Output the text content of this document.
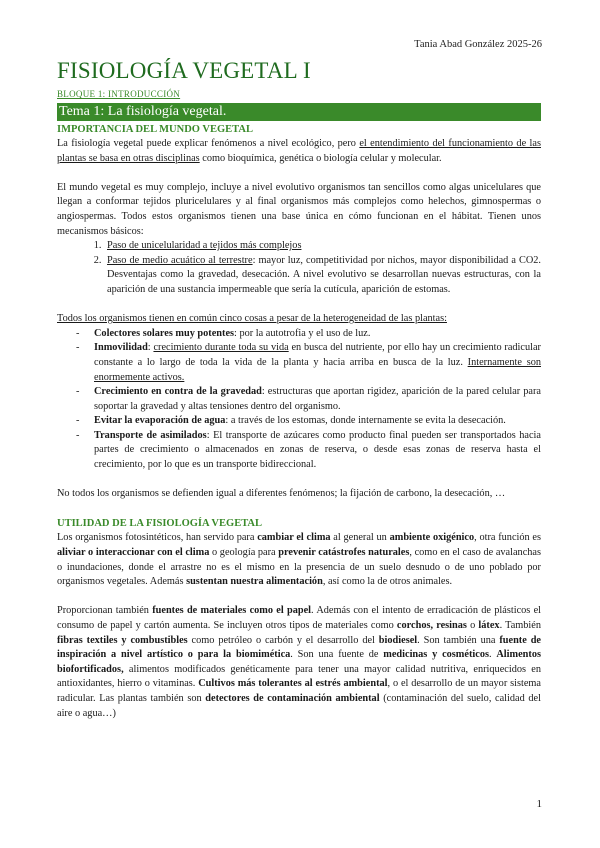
Tania Abad González 2025-26
FISIOLOGÍA VEGETAL I
BLOQUE 1: INTRODUCCIÓN
Tema 1: La fisiología vegetal.
IMPORTANCIA DEL MUNDO VEGETAL

La fisiología vegetal puede explicar fenómenos a nivel ecológico, pero el entendimiento del funcionamiento de las plantas se basa en otras disciplinas como bioquímica, genética o biología celular y molecular.

El mundo vegetal es muy complejo, incluye a nivel evolutivo organismos tan sencillos como algas unicelulares que llegan a conformar tejidos pluricelulares y al final organismos más complejos como helechos, gimnospermas o angiospermas. Todos estos organismos tienen una base única en cómo funcionan en el hábitat. Tienen unos mecanismos básicos:

1. Paso de unicelularidad a tejidos más complejos
2. Paso de medio acuático al terrestre: mayor luz, competitividad por nichos, mayor disponibilidad a CO2. Desventajas como la gravedad, desecación. A nivel evolutivo se desarrollan nuevas estructuras, con la aparición de una sustancia impermeable que sería la cutícula, aparición de estomas.

Todos los organismos tienen en común cinco cosas a pesar de la heterogeneidad de las plantas:

- Colectores solares muy potentes: por la autotrofia y el uso de luz.
- Inmovilidad: crecimiento durante toda su vida en busca del nutriente, por ello hay un crecimiento radicular constante a lo largo de toda la vida de la planta y hacia arriba en busca de la luz. Internamente son enormemente activos.
- Crecimiento en contra de la gravedad: estructuras que aportan rigidez, aparición de la pared celular para soportar la gravedad y altas tensiones dentro del organismo.
- Evitar la evaporación de agua: a través de los estomas, donde internamente se evita la desecación.
- Transporte de asimilados: El transporte de azúcares como producto final pueden ser transportados hacia partes de crecimiento o almacenados en zonas de reserva, o desde esas zonas de reserva hasta el crecimiento, por lo que es un transporte bidireccional.

No todos los organismos se defienden igual a diferentes fenómenos; la fijación de carbono, la desecación, …

UTILIDAD DE LA FISIOLOGÍA VEGETAL

Los organismos fotosintéticos, han servido para cambiar el clima al general un ambiente oxigénico, otra función es aliviar o interaccionar con el clima o geología para prevenir catástrofes naturales, como en el caso de avalanchas o inundaciones, donde el arrastre no es el mismo en la presencia de un suelo desnudo o de uno poblado por organismos vegetales. Además sustentan nuestra alimentación, así como la de otros animales.

Proporcionan también fuentes de materiales como el papel. Además con el intento de erradicación de plásticos el consumo de papel y cartón aumenta. Se incluyen otros tipos de materiales como corchos, resinas o látex. También fibras textiles y combustibles como petróleo o carbón y el desarrollo del biodiesel. Son también una fuente de inspiración a nivel artístico o para la biomimética. Son una fuente de medicinas y cosméticos. Alimentos biofortificados, alimentos modificados genéticamente para tener una mayor calidad nutritiva, enriquecidos en antioxidantes, hierro o vitaminas. Cultivos más tolerantes al estrés ambiental, o el desarrollo de un mayor sistema radicular. Las plantas también son detectores de contaminación ambiental (contaminación del suelo, calidad del aire o agua…)

1
